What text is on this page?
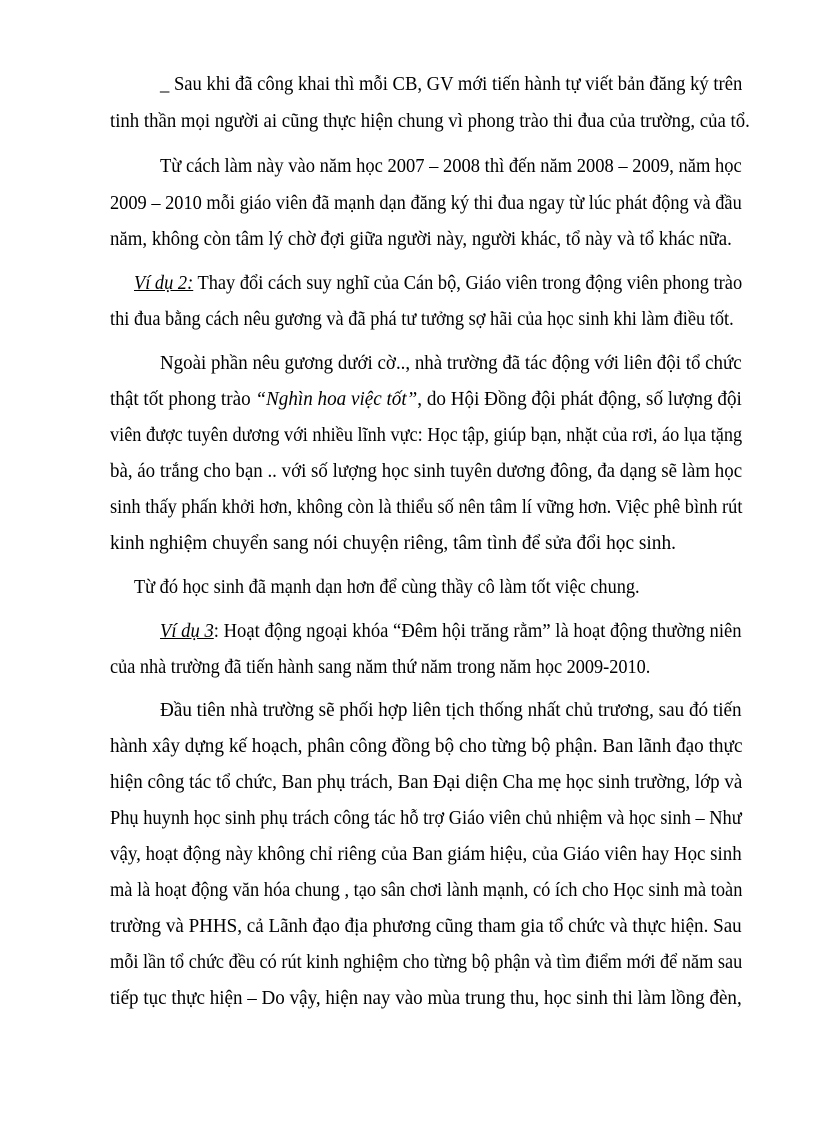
_ Sau khi đã công khai thì mỗi CB, GV mới tiến hành tự viết bản đăng ký trên
tinh thần mọi người ai cũng thực hiện chung vì phong trào thi đua của trường, của tổ.
Từ cách làm này vào năm học 2007 – 2008 thì đến năm 2008 – 2009, năm học
2009 – 2010 mỗi giáo viên đã mạnh dạn đăng ký thi đua ngay từ lúc phát động và đầu
năm, không còn tâm lý chờ đợi giữa người này, người khác, tổ này và tổ khác nữa.
Ví dụ 2: Thay đổi cách suy nghĩ của Cán bộ, Giáo viên trong động viên phong trào
thi đua bằng cách nêu gương và đã phá tư tưởng sợ hãi của học sinh khi làm điều tốt.
Ngoài phần nêu gương dưới cờ.., nhà trường đã tác động với liên đội tổ chức
thật tốt phong trào “Nghìn hoa việc tốt”, do Hội Đồng đội phát động, số lượng đội
viên được tuyên dương với nhiều lĩnh vực: Học tập, giúp bạn, nhặt của rơi, áo lụa tặng
bà, áo trắng cho bạn .. với số lượng học sinh tuyên dương đông, đa dạng sẽ làm học
sinh thấy phấn khởi hơn, không còn là thiểu số nên tâm lí vững hơn. Việc phê bình rút
kinh nghiệm chuyển sang nói chuyện riêng, tâm tình để sửa đổi học sinh.
Từ đó học sinh đã mạnh dạn hơn để cùng thầy cô làm tốt việc chung.
Ví dụ 3: Hoạt động ngoại khóa “Đêm hội trăng rằm” là hoạt động thường niên
của nhà trường đã tiến hành sang năm thứ năm trong năm học 2009-2010.
Đầu tiên nhà trường sẽ phối hợp liên tịch thống nhất chủ trương, sau đó tiến
hành xây dựng kế hoạch, phân công đồng bộ cho từng bộ phận. Ban lãnh đạo thực
hiện công tác tổ chức, Ban phụ trách, Ban Đại diện Cha mẹ học sinh trường, lớp và
Phụ huynh học sinh phụ trách công tác hỗ trợ Giáo viên chủ nhiệm và học sinh – Như
vậy, hoạt động này không chỉ riêng của Ban giám hiệu, của Giáo viên hay Học sinh
mà là hoạt động văn hóa chung , tạo sân chơi lành mạnh, có ích cho Học sinh mà toàn
trường và PHHS, cả Lãnh đạo địa phương cũng tham gia tổ chức và thực hiện. Sau
mỗi lần tổ chức đều có rút kinh nghiệm cho từng bộ phận và tìm điểm mới để năm sau
tiếp tục thực hiện – Do vậy, hiện nay vào mùa trung thu, học sinh thi làm lồng đèn,
